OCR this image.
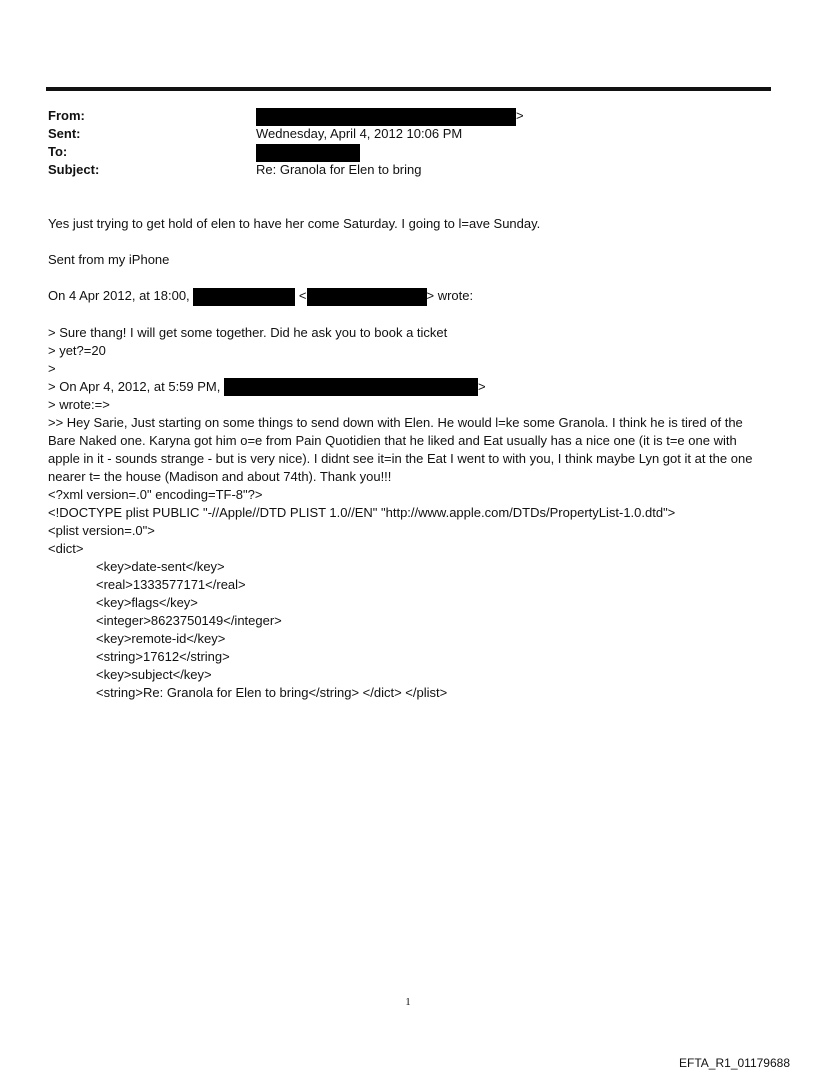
From:	>
Sent:	Wednesday, April 4, 2012 10:06 PM
To:
Subject:	Re: Granola for Elen to bring
Yes just trying to get hold of elen to have her come Saturday. I going to l=ave Sunday.
Sent from my iPhone
On 4 Apr 2012, at 18:00,	<	> wrote:
> Sure thang! I will get some together. Did he ask you to book a ticket
> yet?=20
>
> On Apr 4, 2012, at 5:59 PM,	>
> wrote:=>
>> Hey Sarie, Just starting on some things to send down with Elen. He would l=ke some Granola. I think he is tired of the Bare Naked one. Karyna got him o=e from Pain Quotidien that he liked and Eat usually has a nice one (it is t=e one with apple in it - sounds strange - but is very nice). I didnt see it=in the Eat I went to with you, I think maybe Lyn got it at the one nearer t= the house (Madison and about 74th). Thank you!!!
<?xml version=.0" encoding=TF-8"?>
<!DOCTYPE plist PUBLIC "-//Apple//DTD PLIST 1.0//EN" "http://www.apple.com/DTDs/PropertyList-1.0.dtd">
<plist version=.0">
<dict>
<key>date-sent</key>
<real>1333577171</real>
<key>flags</key>
<integer>8623750149</integer>
<key>remote-id</key>
<string>17612</string>
<key>subject</key>
<string>Re: Granola for Elen to bring</string> </dict> </plist>
1
EFTA_R1_01179688
